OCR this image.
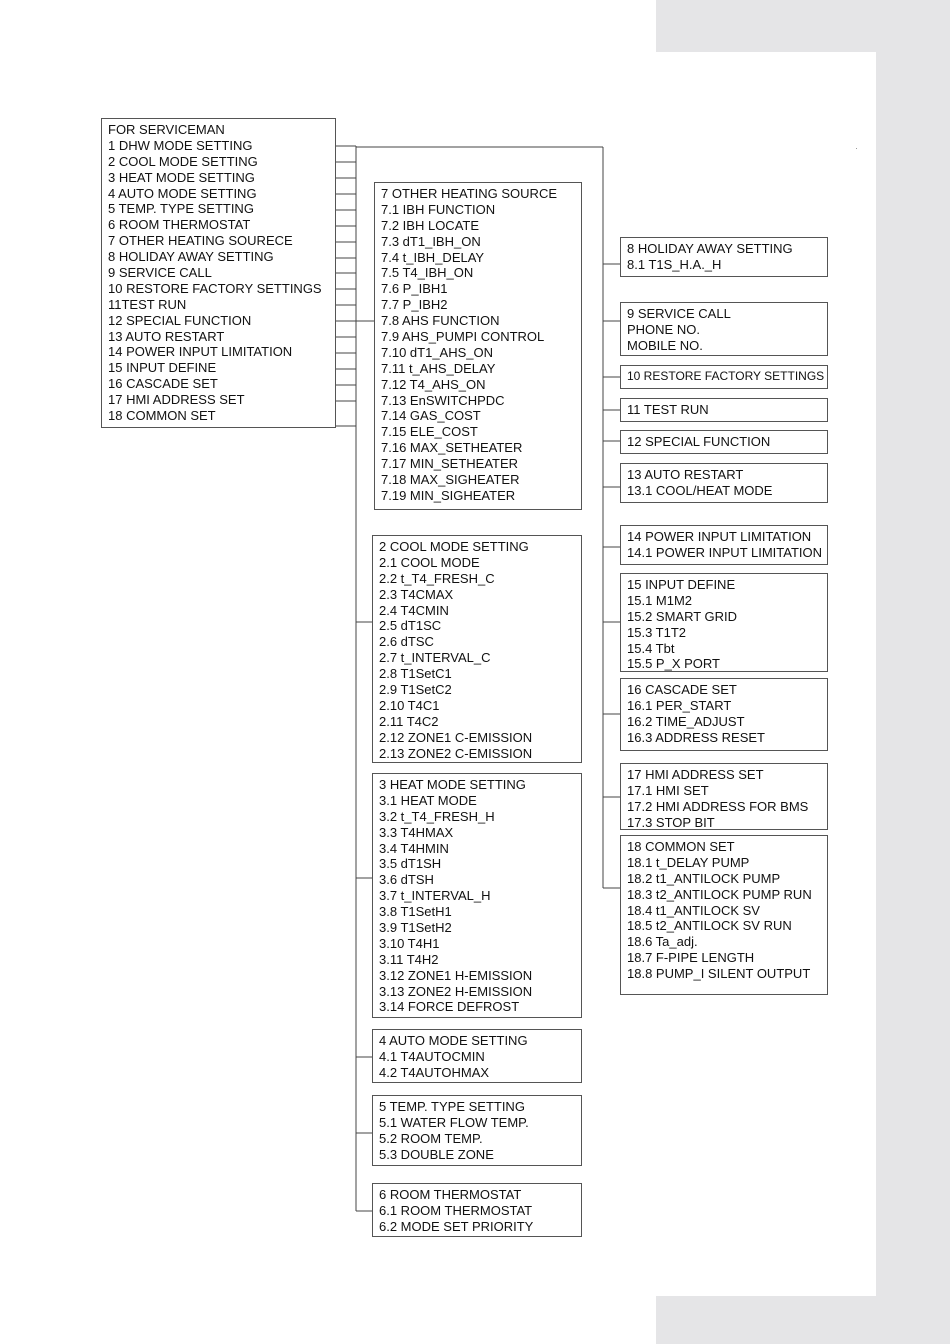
FOR SERVICEMAN
1 DHW MODE SETTING
2 COOL MODE SETTING
3 HEAT MODE SETTING
4 AUTO MODE SETTING
5 TEMP. TYPE SETTING
6 ROOM THERMOSTAT
7 OTHER HEATING SOURECE
8 HOLIDAY AWAY SETTING
9 SERVICE CALL
10 RESTORE FACTORY SETTINGS
11TEST RUN
12 SPECIAL FUNCTION
13 AUTO RESTART
14 POWER INPUT LIMITATION
15 INPUT DEFINE
16 CASCADE SET
17 HMI ADDRESS SET
18 COMMON SET
7 OTHER HEATING SOURCE
7.1 IBH FUNCTION
7.2 IBH LOCATE
7.3 dT1_IBH_ON
7.4 t_IBH_DELAY
7.5 T4_IBH_ON
7.6 P_IBH1
7.7 P_IBH2
7.8 AHS FUNCTION
7.9 AHS_PUMPI CONTROL
7.10 dT1_AHS_ON
7.11 t_AHS_DELAY
7.12 T4_AHS_ON
7.13 EnSWITCHPDC
7.14 GAS_COST
7.15 ELE_COST
7.16 MAX_SETHEATER
7.17 MIN_SETHEATER
7.18 MAX_SIGHEATER
7.19 MIN_SIGHEATER
2 COOL MODE SETTING
2.1 COOL MODE
2.2 t_T4_FRESH_C
2.3 T4CMAX
2.4 T4CMIN
2.5 dT1SC
2.6 dTSC
2.7 t_INTERVAL_C
2.8 T1SetC1
2.9 T1SetC2
2.10 T4C1
2.11 T4C2
2.12 ZONE1 C-EMISSION
2.13 ZONE2 C-EMISSION
3 HEAT MODE SETTING
3.1 HEAT MODE
3.2 t_T4_FRESH_H
3.3 T4HMAX
3.4 T4HMIN
3.5 dT1SH
3.6 dTSH
3.7 t_INTERVAL_H
3.8 T1SetH1
3.9 T1SetH2
3.10 T4H1
3.11 T4H2
3.12 ZONE1 H-EMISSION
3.13 ZONE2 H-EMISSION
3.14 FORCE DEFROST
4 AUTO MODE SETTING
4.1 T4AUTOCMIN
4.2 T4AUTOHMAX
5 TEMP. TYPE SETTING
5.1 WATER FLOW TEMP.
5.2 ROOM TEMP.
5.3 DOUBLE ZONE
6 ROOM THERMOSTAT
6.1 ROOM THERMOSTAT
6.2 MODE SET PRIORITY
8 HOLIDAY AWAY SETTING
8.1 T1S_H.A._H
9 SERVICE CALL
PHONE NO.
MOBILE NO.
10 RESTORE FACTORY SETTINGS
11 TEST RUN
12 SPECIAL FUNCTION
13 AUTO RESTART
13.1 COOL/HEAT MODE
14 POWER INPUT LIMITATION
14.1 POWER INPUT LIMITATION
15 INPUT DEFINE
15.1 M1M2
15.2 SMART GRID
15.3 T1T2
15.4 Tbt
15.5 P_X PORT
16 CASCADE SET
16.1 PER_START
16.2 TIME_ADJUST
16.3 ADDRESS RESET
17 HMI ADDRESS SET
17.1 HMI SET
17.2 HMI ADDRESS FOR BMS
17.3 STOP BIT
18 COMMON SET
18.1 t_DELAY PUMP
18.2 t1_ANTILOCK PUMP
18.3 t2_ANTILOCK PUMP RUN
18.4 t1_ANTILOCK SV
18.5 t2_ANTILOCK SV RUN
18.6 Ta_adj.
18.7 F-PIPE LENGTH
18.8 PUMP_I SILENT OUTPUT
